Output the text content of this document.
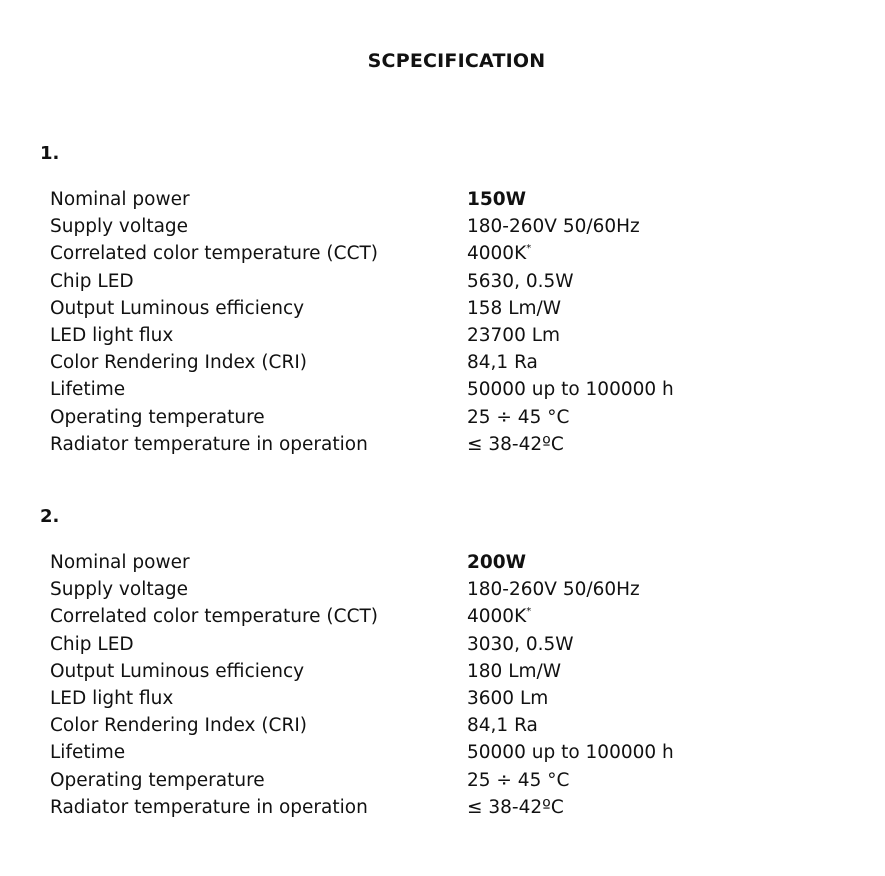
SCPECIFICATION
1.
Nominal power	150W
Supply voltage	180-260V 50/60Hz
Correlated color temperature (CCT)	4000K*
Chip LED	5630, 0.5W
Output Luminous efficiency	158 Lm/W
LED light flux	23700 Lm
Color Rendering Index (CRI)	84,1 Ra
Lifetime	50000 up to 100000 h
Operating temperature	25 ÷ 45 °C
Radiator temperature in operation	≤ 38-42ºC
2.
Nominal power	200W
Supply voltage	180-260V 50/60Hz
Correlated color temperature (CCT)	4000K*
Chip LED	3030, 0.5W
Output Luminous efficiency	180 Lm/W
LED light flux	3600 Lm
Color Rendering Index (CRI)	84,1 Ra
Lifetime	50000 up to 100000 h
Operating temperature	25 ÷ 45 °C
Radiator temperature in operation	≤ 38-42ºC
